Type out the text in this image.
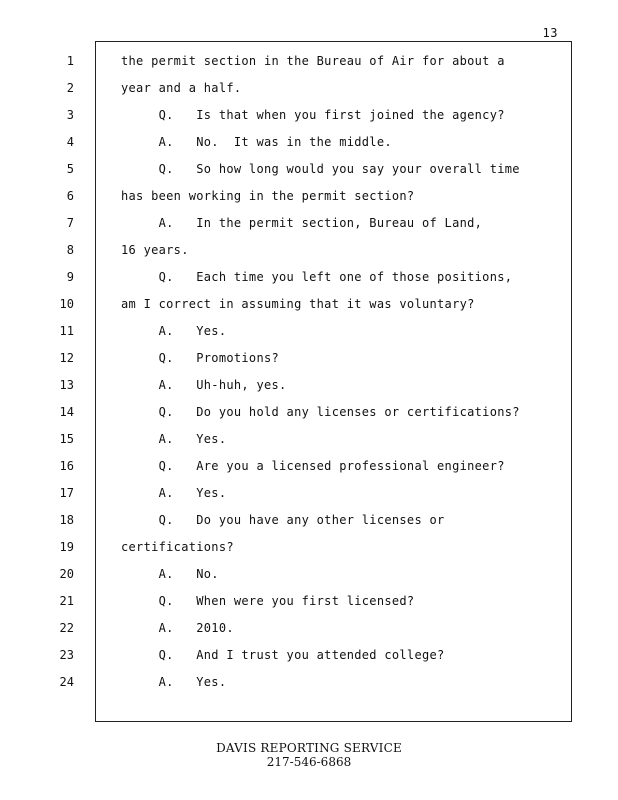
13
1
2
3
4
5
6
7
8
9
10
11
12
13
14
15
16
17
18
19
20
21
22
23
24
the permit section in the Bureau of Air for about a
year and a half.
Q.   Is that when you first joined the agency?
A.   No.  It was in the middle.
Q.   So how long would you say your overall time
has been working in the permit section?
A.   In the permit section, Bureau of Land,
16 years.
Q.   Each time you left one of those positions,
am I correct in assuming that it was voluntary?
A.   Yes.
Q.   Promotions?
A.   Uh-huh, yes.
Q.   Do you hold any licenses or certifications?
A.   Yes.
Q.   Are you a licensed professional engineer?
A.   Yes.
Q.   Do you have any other licenses or
certifications?
A.   No.
Q.   When were you first licensed?
A.   2010.
Q.   And I trust you attended college?
A.   Yes.
DAVIS REPORTING SERVICE
217-546-6868
